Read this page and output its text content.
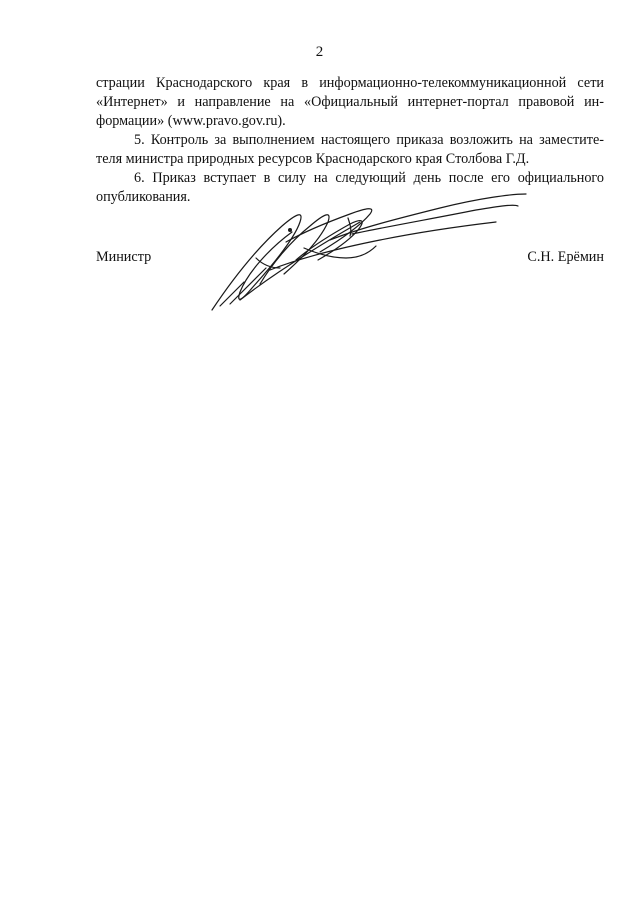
2
страции Краснодарского края в информационно-телекоммуникационной сети
«Интернет» и направление на «Официальный интернет-портал правовой ин-
формации» (www.pravo.gov.ru).
5. Контроль за выполнением настоящего приказа возложить на заместите-
теля министра природных ресурсов Краснодарского края Столбова Г.Д.
6. Приказ вступает в силу на следующий день после его официального
опубликования.
Министр	С.Н. Ерёмин
